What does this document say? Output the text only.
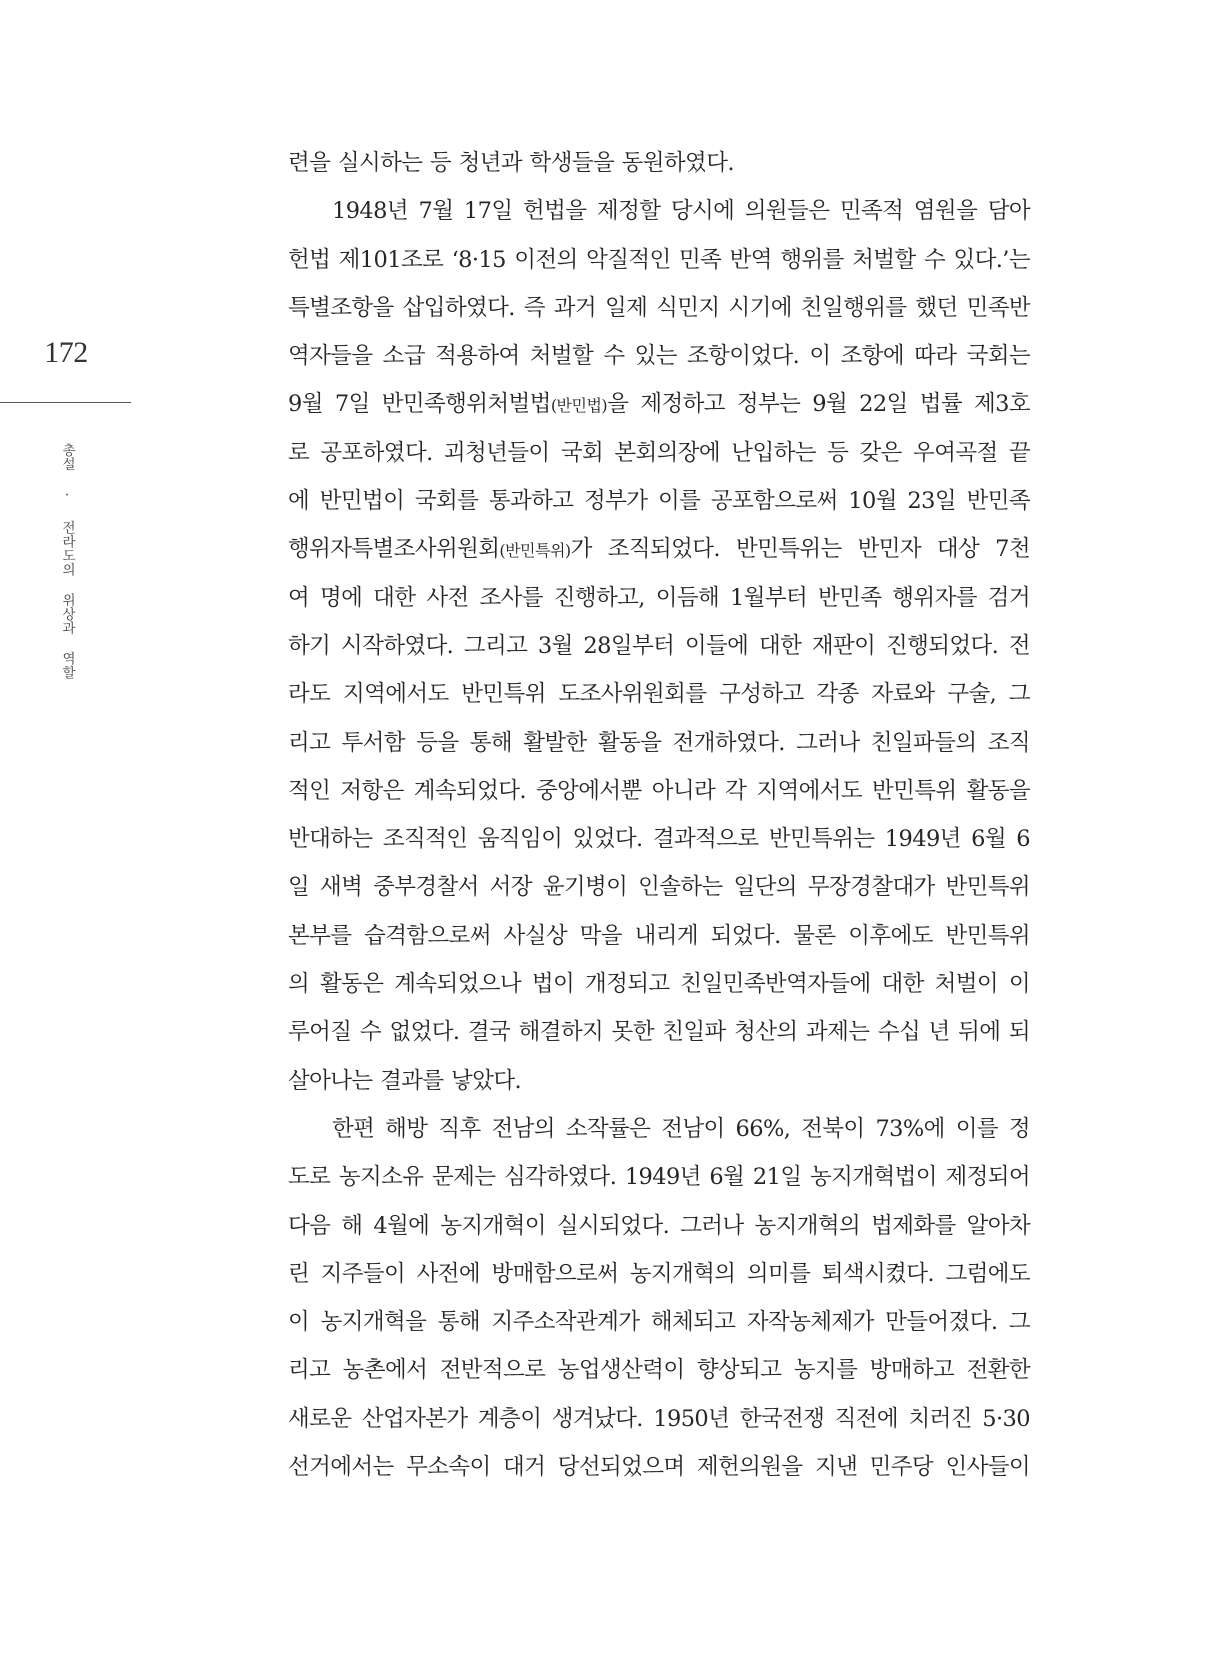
172
총설 · 전라도의 위상과 역할
련을 실시하는 등 청년과 학생들을 동원하였다.
1948년 7월 17일 헌법을 제정할 당시에 의원들은 민족적 염원을 담아
헌법 제101조로 ‘8·15 이전의 악질적인 민족 반역 행위를 처벌할 수 있다.’는
특별조항을 삽입하였다. 즉 과거 일제 식민지 시기에 친일행위를 했던 민족반
역자들을 소급 적용하여 처벌할 수 있는 조항이었다. 이 조항에 따라 국회는
9월 7일 반민족행위처벌법(반민법)을 제정하고 정부는 9월 22일 법률 제3호
로 공포하였다. 괴청년들이 국회 본회의장에 난입하는 등 갖은 우여곡절 끝
에 반민법이 국회를 통과하고 정부가 이를 공포함으로써 10월 23일 반민족
행위자특별조사위원회(반민특위)가 조직되었다. 반민특위는 반민자 대상 7천
여 명에 대한 사전 조사를 진행하고, 이듬해 1월부터 반민족 행위자를 검거
하기 시작하였다. 그리고 3월 28일부터 이들에 대한 재판이 진행되었다. 전
라도 지역에서도 반민특위 도조사위원회를 구성하고 각종 자료와 구술, 그
리고 투서함 등을 통해 활발한 활동을 전개하였다. 그러나 친일파들의 조직
적인 저항은 계속되었다. 중앙에서뿐 아니라 각 지역에서도 반민특위 활동을
반대하는 조직적인 움직임이 있었다. 결과적으로 반민특위는 1949년 6월 6
일 새벽 중부경찰서 서장 윤기병이 인솔하는 일단의 무장경찰대가 반민특위
본부를 습격함으로써 사실상 막을 내리게 되었다. 물론 이후에도 반민특위
의 활동은 계속되었으나 법이 개정되고 친일민족반역자들에 대한 처벌이 이
루어질 수 없었다. 결국 해결하지 못한 친일파 청산의 과제는 수십 년 뒤에 되
살아나는 결과를 낳았다.
한편 해방 직후 전남의 소작률은 전남이 66%, 전북이 73%에 이를 정
도로 농지소유 문제는 심각하였다. 1949년 6월 21일 농지개혁법이 제정되어
다음 해 4월에 농지개혁이 실시되었다. 그러나 농지개혁의 법제화를 알아차
린 지주들이 사전에 방매함으로써 농지개혁의 의미를 퇴색시켰다. 그럼에도
이 농지개혁을 통해 지주소작관계가 해체되고 자작농체제가 만들어졌다. 그
리고 농촌에서 전반적으로 농업생산력이 향상되고 농지를 방매하고 전환한
새로운 산업자본가 계층이 생겨났다. 1950년 한국전쟁 직전에 치러진 5·30
선거에서는 무소속이 대거 당선되었으며 제헌의원을 지낸 민주당 인사들이
